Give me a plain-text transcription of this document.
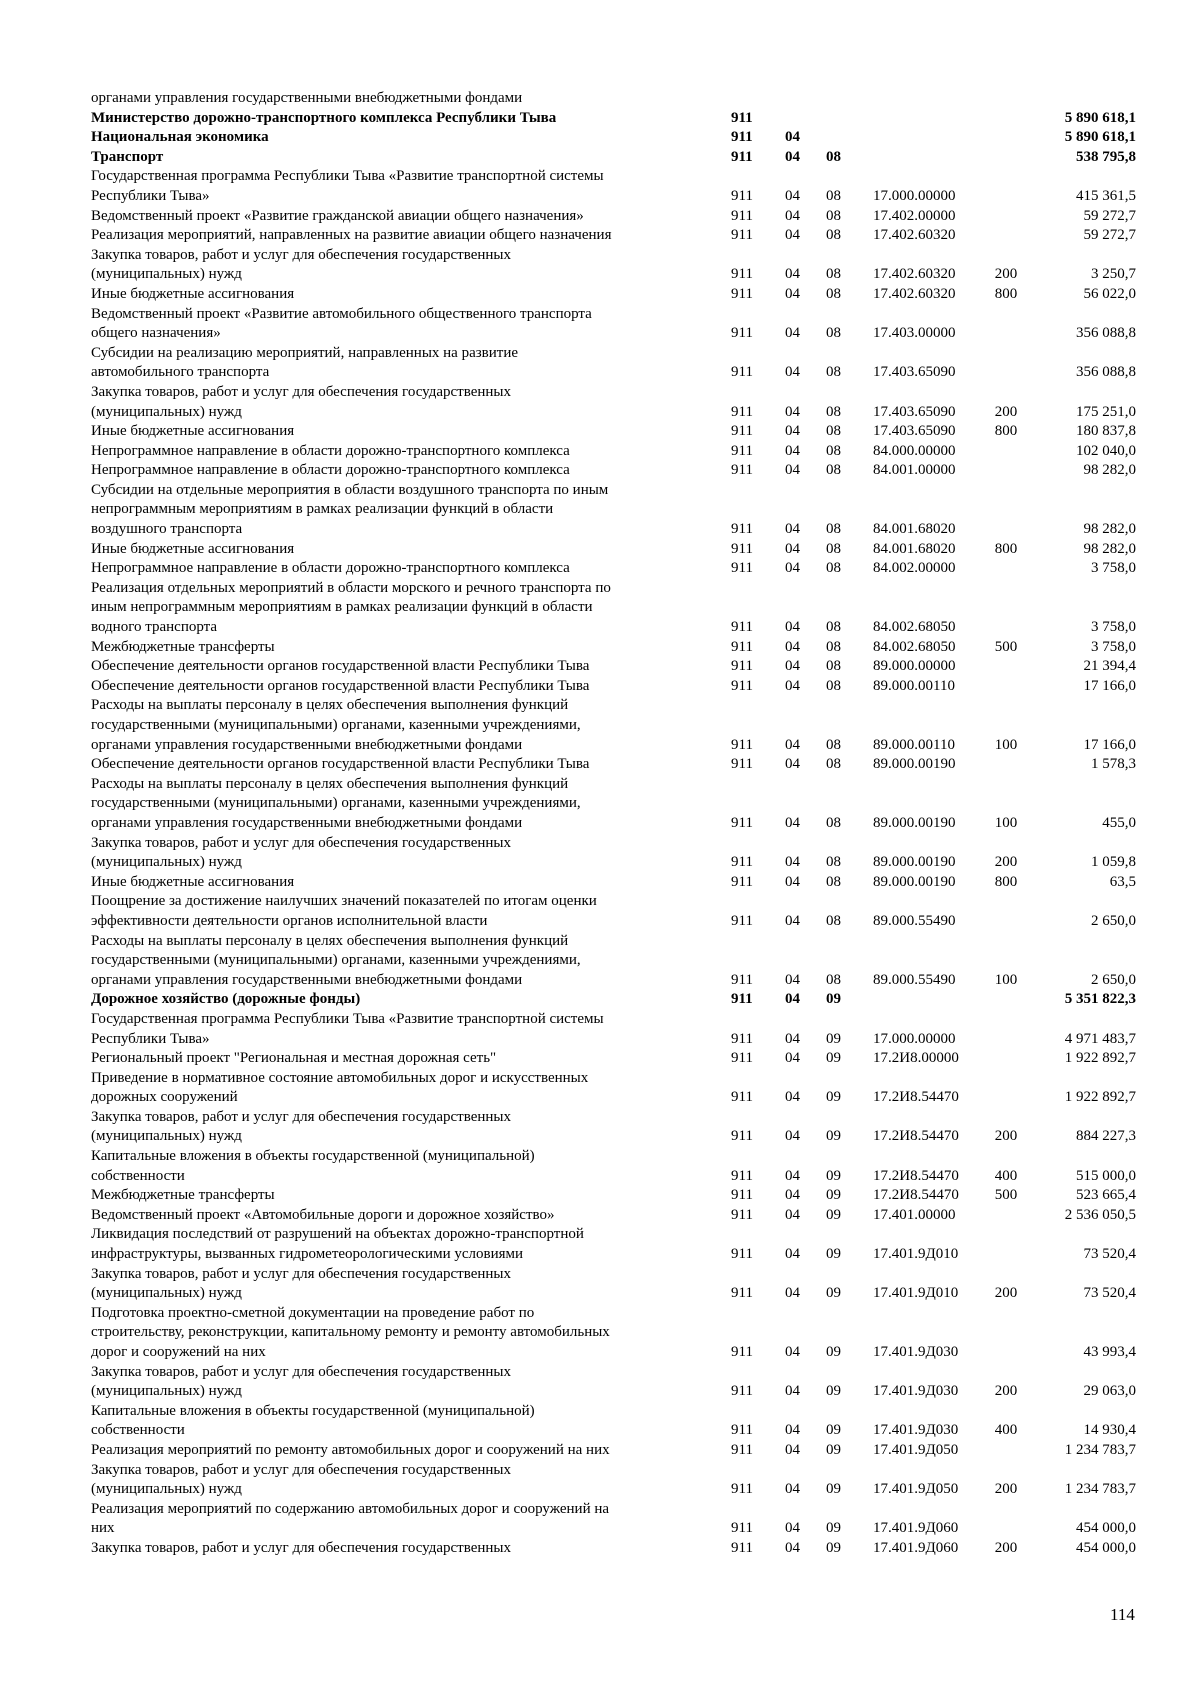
органами управления государственными внебюджетными фондами
Министерство дорожно-транспортного комплекса Республики Тыва	911	5 890 618,1
Национальная экономика	911	04	5 890 618,1
Транспорт	911	04	08	538 795,8
Государственная программа Республики Тыва «Развитие транспортной системы
Республики Тыва»	911	04	08	17.000.00000	415 361,5
Ведомственный проект «Развитие гражданской авиации общего назначения»	911	04	08	17.402.00000	59 272,7
Реализация мероприятий, направленных на развитие авиации общего назначения	911	04	08	17.402.60320	59 272,7
Закупка товаров, работ и услуг для обеспечения государственных
(муниципальных) нужд	911	04	08	17.402.60320	200	3 250,7
Иные бюджетные ассигнования	911	04	08	17.402.60320	800	56 022,0
Ведомственный проект «Развитие автомобильного общественного транспорта
общего назначения»	911	04	08	17.403.00000	356 088,8
Субсидии на реализацию мероприятий, направленных на развитие
автомобильного транспорта	911	04	08	17.403.65090	356 088,8
Закупка товаров, работ и услуг для обеспечения государственных
(муниципальных) нужд	911	04	08	17.403.65090	200	175 251,0
Иные бюджетные ассигнования	911	04	08	17.403.65090	800	180 837,8
Непрограммное направление в области дорожно-транспортного комплекса	911	04	08	84.000.00000	102 040,0
Непрограммное направление в области дорожно-транспортного комплекса	911	04	08	84.001.00000	98 282,0
Субсидии на отдельные мероприятия в области воздушного транспорта по иным
непрограммным мероприятиям в рамках реализации функций в области
воздушного транспорта	911	04	08	84.001.68020	98 282,0
Иные бюджетные ассигнования	911	04	08	84.001.68020	800	98 282,0
Непрограммное направление в области дорожно-транспортного комплекса	911	04	08	84.002.00000	3 758,0
Реализация отдельных мероприятий в области морского и речного транспорта по
иным непрограммным мероприятиям в рамках реализации функций в области
водного транспорта	911	04	08	84.002.68050	3 758,0
Межбюджетные трансферты	911	04	08	84.002.68050	500	3 758,0
Обеспечение деятельности органов государственной власти Республики Тыва	911	04	08	89.000.00000	21 394,4
Обеспечение деятельности органов государственной власти Республики Тыва	911	04	08	89.000.00110	17 166,0
Расходы на выплаты персоналу в целях обеспечения выполнения функций
государственными (муниципальными) органами, казенными учреждениями,
органами управления государственными внебюджетными фондами	911	04	08	89.000.00110	100	17 166,0
Обеспечение деятельности органов государственной власти Республики Тыва	911	04	08	89.000.00190	1 578,3
Расходы на выплаты персоналу в целях обеспечения выполнения функций
государственными (муниципальными) органами, казенными учреждениями,
органами управления государственными внебюджетными фондами	911	04	08	89.000.00190	100	455,0
Закупка товаров, работ и услуг для обеспечения государственных
(муниципальных) нужд	911	04	08	89.000.00190	200	1 059,8
Иные бюджетные ассигнования	911	04	08	89.000.00190	800	63,5
Поощрение за достижение наилучших значений показателей по итогам оценки
эффективности деятельности органов исполнительной власти	911	04	08	89.000.55490	2 650,0
Расходы на выплаты персоналу в целях обеспечения выполнения функций
государственными (муниципальными) органами, казенными учреждениями,
органами управления государственными внебюджетными фондами	911	04	08	89.000.55490	100	2 650,0
Дорожное хозяйство (дорожные фонды)	911	04	09	5 351 822,3
Государственная программа Республики Тыва «Развитие транспортной системы
Республики Тыва»	911	04	09	17.000.00000	4 971 483,7
Региональный проект "Региональная и местная дорожная сеть"	911	04	09	17.2И8.00000	1 922 892,7
Приведение в нормативное состояние автомобильных дорог и искусственных
дорожных сооружений	911	04	09	17.2И8.54470	1 922 892,7
Закупка товаров, работ и услуг для обеспечения государственных
(муниципальных) нужд	911	04	09	17.2И8.54470	200	884 227,3
Капитальные вложения в объекты государственной (муниципальной)
собственности	911	04	09	17.2И8.54470	400	515 000,0
Межбюджетные трансферты	911	04	09	17.2И8.54470	500	523 665,4
Ведомственный проект «Автомобильные дороги и дорожное хозяйство»	911	04	09	17.401.00000	2 536 050,5
Ликвидация последствий от разрушений на объектах дорожно-транспортной
инфраструктуры, вызванных гидрометеорологическими условиями	911	04	09	17.401.9Д010	73 520,4
Закупка товаров, работ и услуг для обеспечения государственных
(муниципальных) нужд	911	04	09	17.401.9Д010	200	73 520,4
Подготовка проектно-сметной документации на проведение работ по
строительству, реконструкции, капитальному ремонту и ремонту автомобильных
дорог и сооружений на них	911	04	09	17.401.9Д030	43 993,4
Закупка товаров, работ и услуг для обеспечения государственных
(муниципальных) нужд	911	04	09	17.401.9Д030	200	29 063,0
Капитальные вложения в объекты государственной (муниципальной)
собственности	911	04	09	17.401.9Д030	400	14 930,4
Реализация мероприятий по ремонту автомобильных дорог и сооружений на них	911	04	09	17.401.9Д050	1 234 783,7
Закупка товаров, работ и услуг для обеспечения государственных
(муниципальных) нужд	911	04	09	17.401.9Д050	200	1 234 783,7
Реализация мероприятий по содержанию автомобильных дорог и сооружений на
них	911	04	09	17.401.9Д060	454 000,0
Закупка товаров, работ и услуг для обеспечения государственных	911	04	09	17.401.9Д060	200	454 000,0
114
